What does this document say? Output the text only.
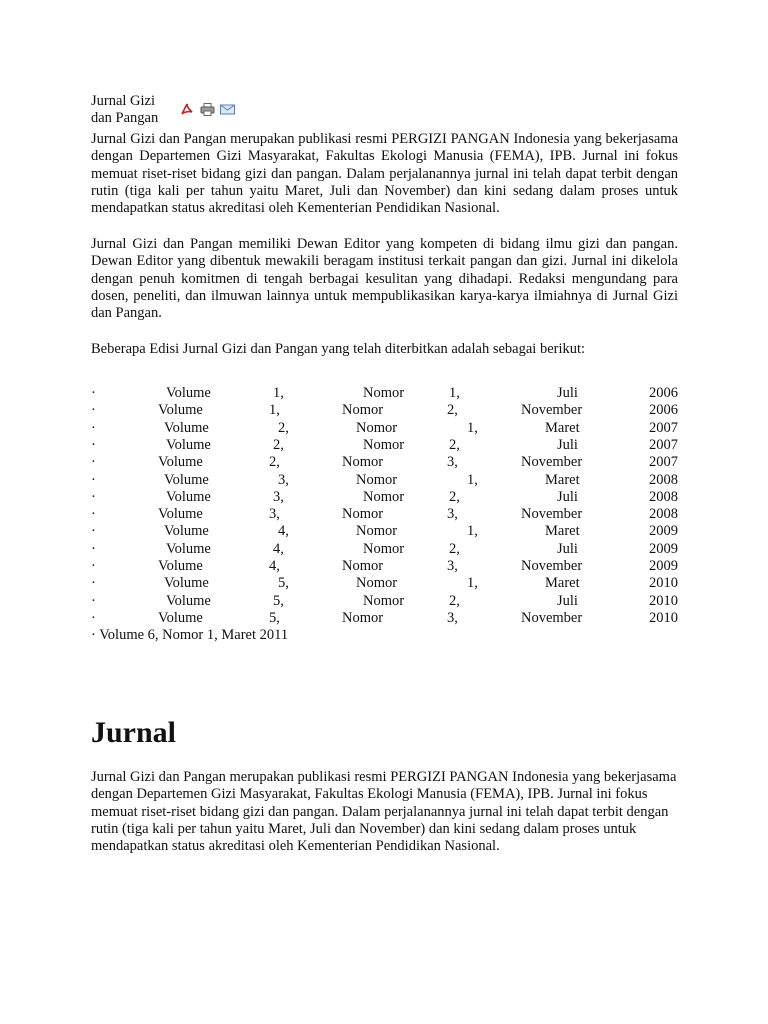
Jurnal Gizi
dan Pangan

Jurnal Gizi dan Pangan merupakan publikasi resmi PERGIZI PANGAN Indonesia yang bekerjasama dengan Departemen Gizi Masyarakat, Fakultas Ekologi Manusia (FEMA), IPB. Jurnal ini fokus memuat riset-riset bidang gizi dan pangan. Dalam perjalanannya jurnal ini telah dapat terbit dengan rutin (tiga kali per tahun yaitu Maret, Juli dan November) dan kini sedang dalam proses untuk mendapatkan status akreditasi oleh Kementerian Pendidikan Nasional.

Jurnal Gizi dan Pangan memiliki Dewan Editor yang kompeten di bidang ilmu gizi dan pangan. Dewan Editor yang dibentuk mewakili beragam institusi terkait pangan dan gizi. Jurnal ini dikelola dengan penuh komitmen di tengah berbagai kesulitan yang dihadapi. Redaksi mengundang para dosen, peneliti, dan ilmuwan lainnya untuk mempublikasikan karya-karya ilmiahnya di Jurnal Gizi dan Pangan.

Beberapa Edisi Jurnal Gizi dan Pangan yang telah diterbitkan adalah sebagai berikut:

·	Volume	1,	Nomor	1,	Juli	2006
·	Volume	1,	Nomor	2,	November	2006
·	Volume	2,	Nomor	1,	Maret	2007
·	Volume	2,	Nomor	2,	Juli	2007
·	Volume	2,	Nomor	3,	November	2007
·	Volume	3,	Nomor	1,	Maret	2008
·	Volume	3,	Nomor	2,	Juli	2008
·	Volume	3,	Nomor	3,	November	2008
·	Volume	4,	Nomor	1,	Maret	2009
·	Volume	4,	Nomor	2,	Juli	2009
·	Volume	4,	Nomor	3,	November	2009
·	Volume	5,	Nomor	1,	Maret	2010
·	Volume	5,	Nomor	2,	Juli	2010
·	Volume	5,	Nomor	3,	November	2010
· Volume 6, Nomor 1, Maret 2011
Jurnal

Jurnal Gizi dan Pangan merupakan publikasi resmi PERGIZI PANGAN Indonesia yang bekerjasama dengan Departemen Gizi Masyarakat, Fakultas Ekologi Manusia (FEMA), IPB. Jurnal ini fokus memuat riset-riset bidang gizi dan pangan. Dalam perjalanannya jurnal ini telah dapat terbit dengan rutin (tiga kali per tahun yaitu Maret, Juli dan November) dan kini sedang dalam proses untuk mendapatkan status akreditasi oleh Kementerian Pendidikan Nasional.
